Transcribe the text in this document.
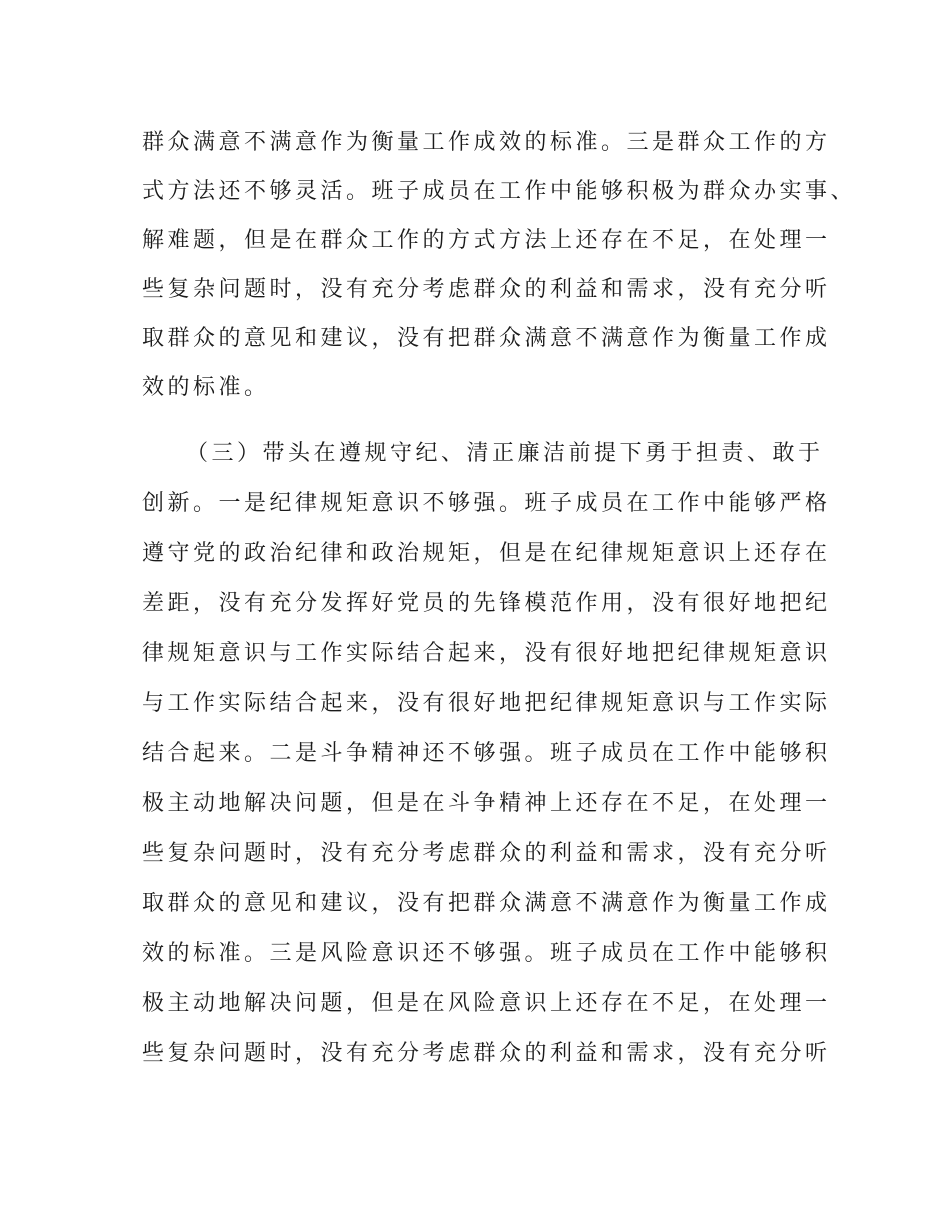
群众满意不满意作为衡量工作成效的标准。三是群众工作的方
式方法还不够灵活。班子成员在工作中能够积极为群众办实事、
解难题，但是在群众工作的方式方法上还存在不足，在处理一
些复杂问题时，没有充分考虑群众的利益和需求，没有充分听
取群众的意见和建议，没有把群众满意不满意作为衡量工作成
效的标准。
（三）带头在遵规守纪、清正廉洁前提下勇于担责、敢于
创新。一是纪律规矩意识不够强。班子成员在工作中能够严格
遵守党的政治纪律和政治规矩，但是在纪律规矩意识上还存在
差距，没有充分发挥好党员的先锋模范作用，没有很好地把纪
律规矩意识与工作实际结合起来，没有很好地把纪律规矩意识
与工作实际结合起来，没有很好地把纪律规矩意识与工作实际
结合起来。二是斗争精神还不够强。班子成员在工作中能够积
极主动地解决问题，但是在斗争精神上还存在不足，在处理一
些复杂问题时，没有充分考虑群众的利益和需求，没有充分听
取群众的意见和建议，没有把群众满意不满意作为衡量工作成
效的标准。三是风险意识还不够强。班子成员在工作中能够积
极主动地解决问题，但是在风险意识上还存在不足，在处理一
些复杂问题时，没有充分考虑群众的利益和需求，没有充分听
